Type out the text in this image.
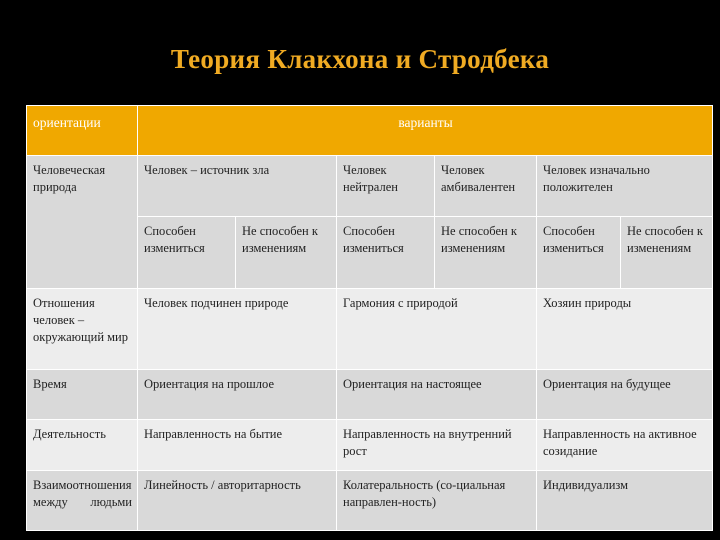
Теория Клакхона и Стродбека
ориентации	варианты					
Человеческая природа	Человек – источник зла		Человек нейтрален	Человек амбивалентен	Человек изначально положителен	
	Способен измениться	Не способен к изменениям	Способен измениться	Не способен к изменениям	Способен измениться	Не способен к изменениям
Отношения человек – окружающий мир	Человек подчинен природе		Гармония с природой		Хозяин природы	
Время	Ориентация на прошлое		Ориентация на настоящее		Ориентация на будущее	
Деятельность	Направленность на бытие		Направленность на внутренний рост		Направленность на активное созидание	
Взаимоотношения между людьми	Линейность / авторитарность		Колатеральность (со-циальная направлен-ность)		Индивидуализм	
